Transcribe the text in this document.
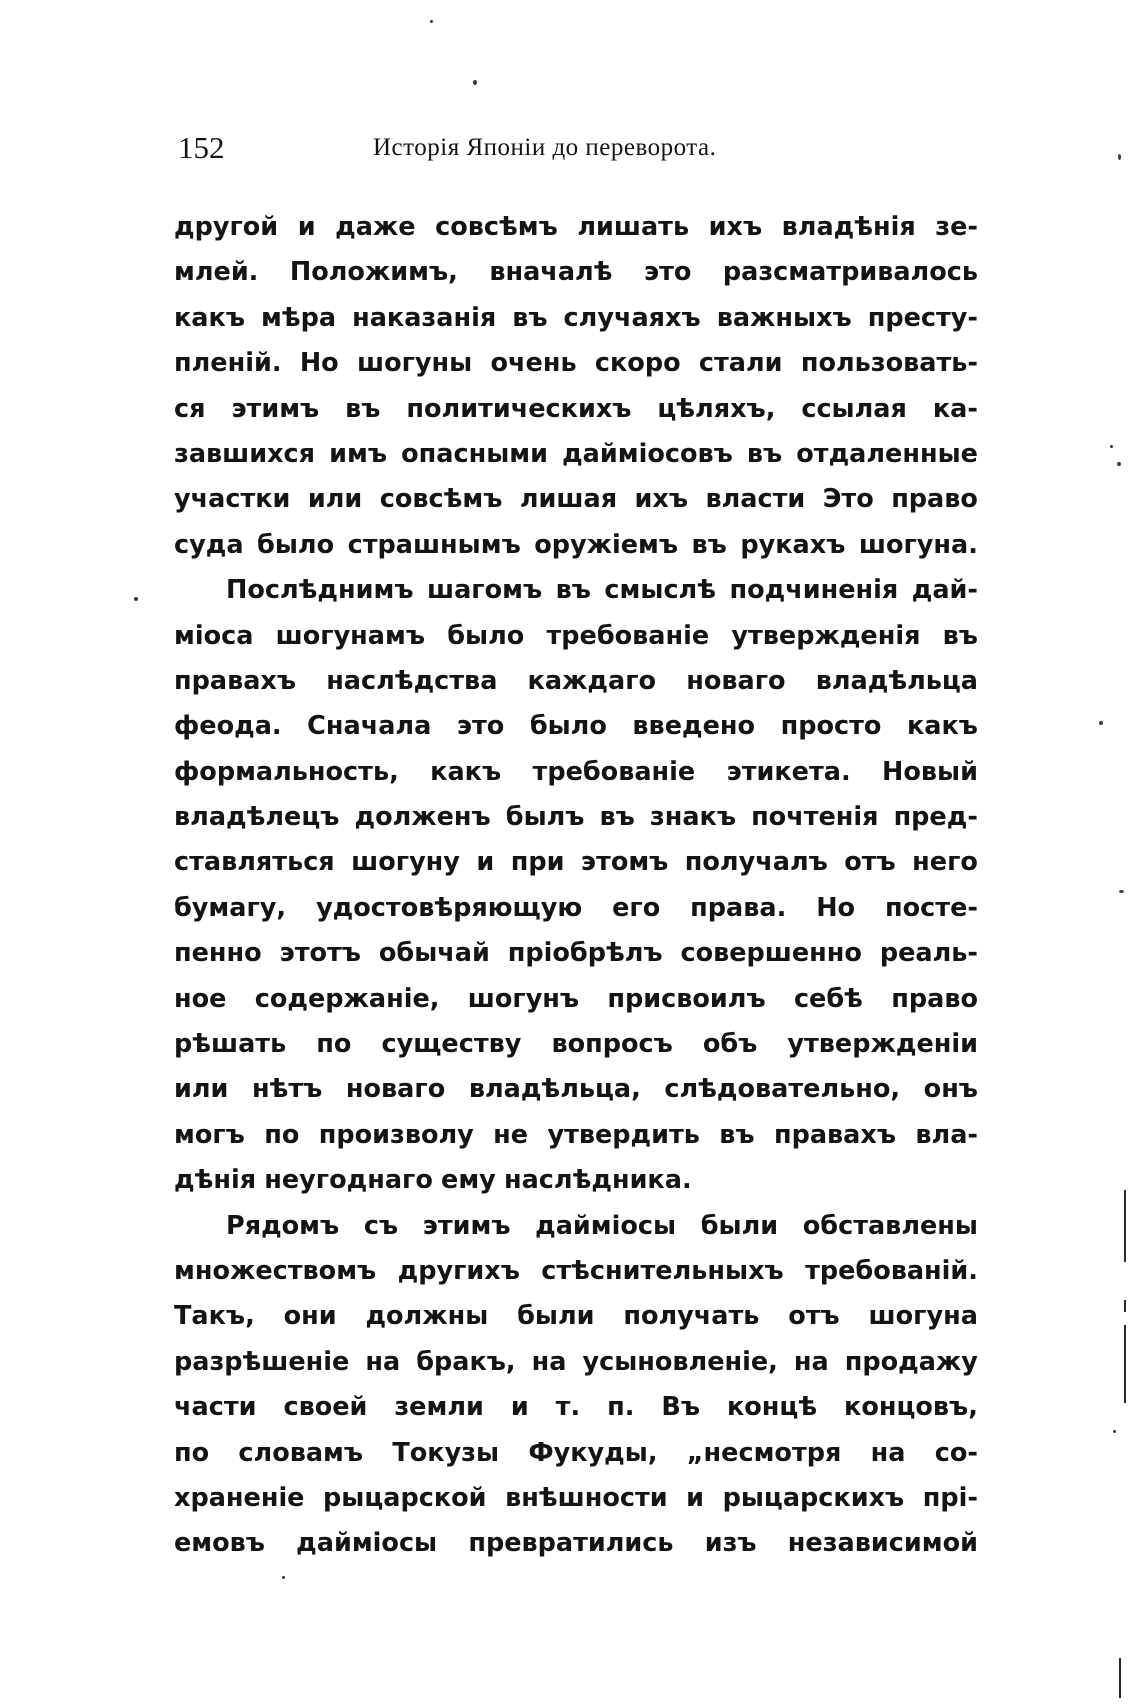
152	Исторія Японіи до переворота.
другой и даже совсѣмъ лишать ихъ владѣнія зе-
млей. Положимъ, вначалѣ это разсматривалось
какъ мѣра наказанія въ случаяхъ важныхъ престу-
пленій. Но шогуны очень скоро стали пользовать-
ся этимъ въ политическихъ цѣляхъ, ссылая ка-
завшихся имъ опасными даймiосовъ въ отдаленные
участки или совсѣмъ лишая ихъ власти Это право
суда было страшнымъ оружіемъ въ рукахъ шогуна.
Послѣднимъ шагомъ въ смыслѣ подчиненія дай-
міоса шогунамъ было требованіе утвержденія въ
правахъ наслѣдства каждаго новаго владѣльца
феода. Сначала это было введено просто какъ
формальность, какъ требованіе этикета. Новый
владѣлецъ долженъ былъ въ знакъ почтенія пред-
ставляться шогуну и при этомъ получалъ отъ него
бумагу, удостовѣряющую его права. Но посте-
пенно этотъ обычай пріобрѣлъ совершенно реаль-
ное содержаніе, шогунъ присвоилъ себѣ право
рѣшать по существу вопросъ объ утвержденіи
или нѣтъ новаго владѣльца, слѣдовательно, онъ
могъ по произволу не утвердить въ правахъ вла-
дѣнія неугоднаго ему наслѣдника.
Рядомъ съ этимъ даймiосы были обставлены
множествомъ другихъ стѣснительныхъ требованій.
Такъ, они должны были получать отъ шогуна
разрѣшеніе на бракъ, на усыновленіе, на продажу
части своей земли и т. п. Въ концѣ концовъ,
по словамъ Токузы Фукуды, „несмотря на со-
храненіе рыцарской внѣшности и рыцарскихъ прі-
емовъ даймiосы превратились изъ независимой
